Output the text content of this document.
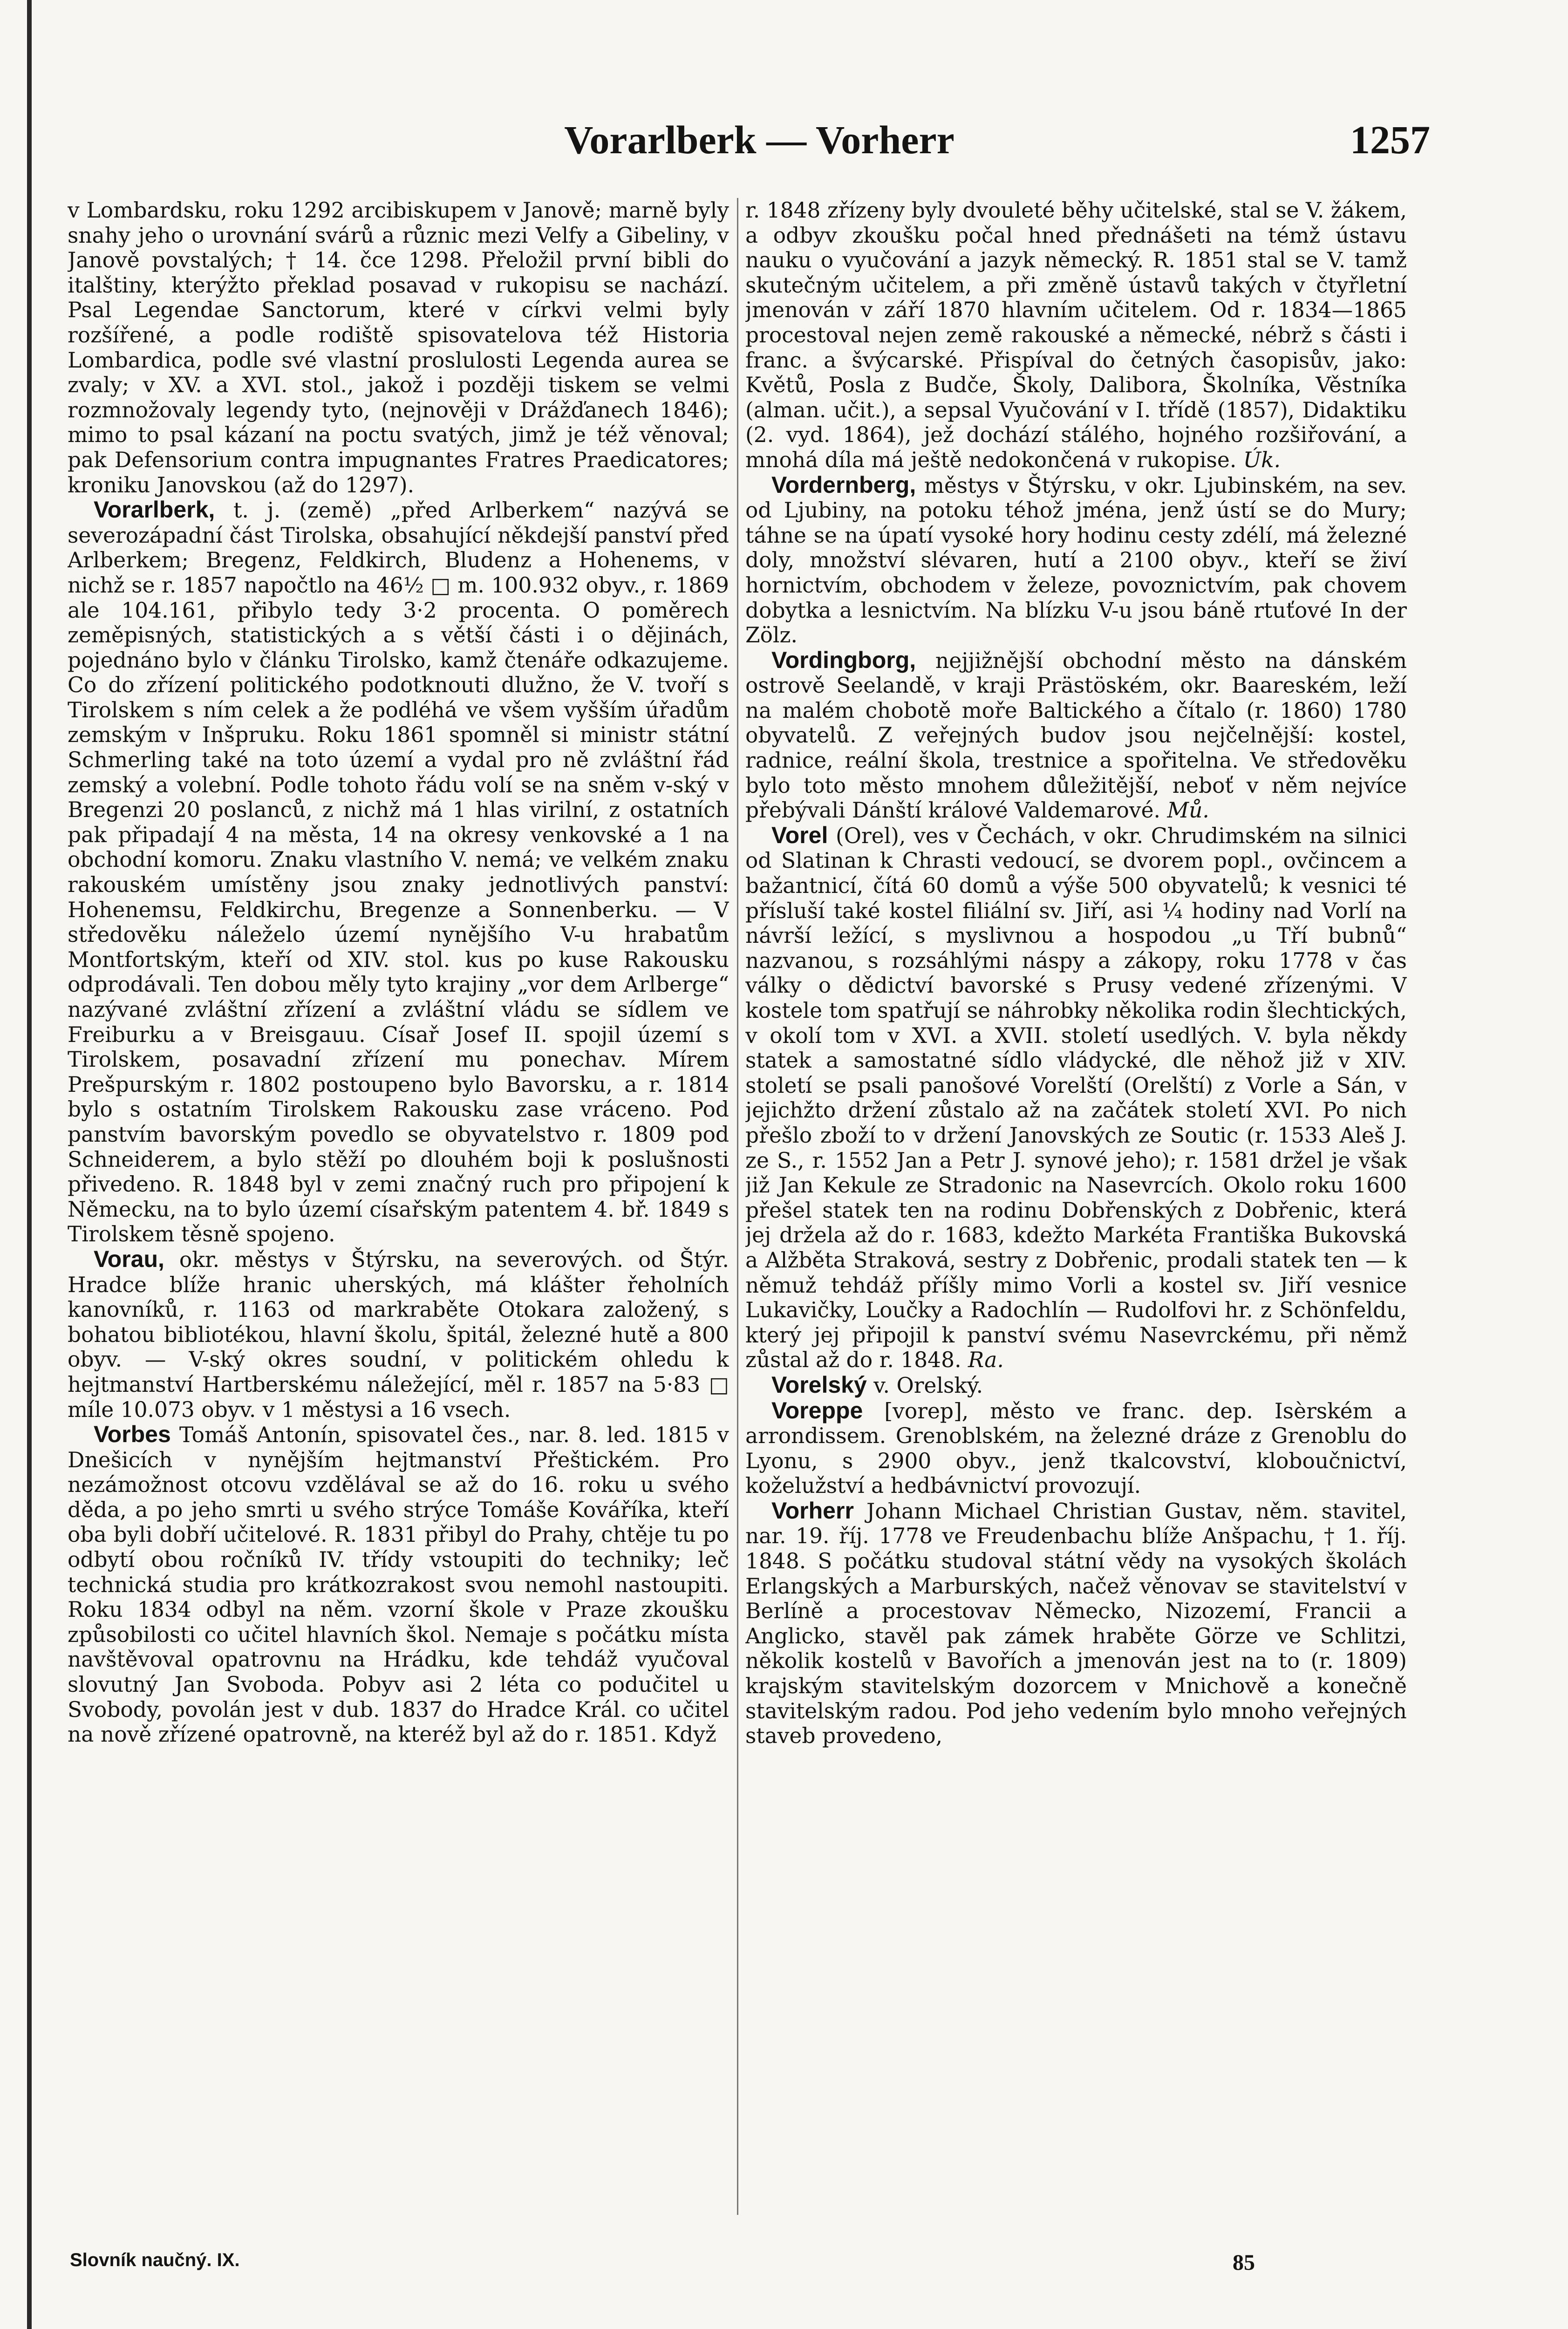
Vorarlberk — Vorherr	1257

v Lombardsku, roku 1292 arcibiskupem v Janově; marně byly snahy jeho o urovnání svárů a různic mezi Velfy a Gibeliny, v Janově povstalých; † 14. čce 1298. Přeložil první bibli do italštiny, kterýžto překlad posavad v rukopisu se nachází. Psal Legendae Sanctorum, které v církvi velmi byly rozšířené, a podle rodiště spisovatelova též Historia Lombardica, podle své vlastní proslulosti Legenda aurea se zvaly; v XV. a XVI. stol., jakož i později tiskem se velmi rozmnožovaly legendy tyto, (nejnověji v Drážďanech 1846); mimo to psal kázaní na poctu svatých, jimž je též věnoval; pak Defensorium contra impugnantes Fratres Praedicatores; kroniku Janovskou (až do 1297).

Vorarlberk, t. j. (země) „před Arlberkem“ nazývá se severozápadní část Tirolska, obsahující někdejší panství před Arlberkem; Bregenz, Feldkirch, Bludenz a Hohenems, v nichž se r. 1857 napočtlo na 46½ □ m. 100.932 obyv., r. 1869 ale 104.161, přibylo tedy 3·2 procenta. O poměrech zeměpisných, statistických a s větší části i o dějinách, pojednáno bylo v článku Tirolsko, kamž čtenáře odkazujeme. Co do zřízení politického podotknouti dlužno, že V. tvoří s Tirolskem s ním celek a že podléhá ve všem vyšším úřadům zemským v Inšpruku. Roku 1861 spomněl si ministr státní Schmerling také na toto území a vydal pro ně zvláštní řád zemský a volební. Podle tohoto řádu volí se na sněm v-ský v Bregenzi 20 poslanců, z nichž má 1 hlas virilní, z ostatních pak připadají 4 na města, 14 na okresy venkovské a 1 na obchodní komoru. Znaku vlastního V. nemá; ve velkém znaku rakouském umístěny jsou znaky jednotlivých panství: Hohenemsu, Feldkirchu, Bregenze a Sonnenberku. — V středověku náleželo území nynějšího V-u hrabatům Montfortským, kteří od XIV. stol. kus po kuse Rakousku odprodávali. Ten dobou měly tyto krajiny „vor dem Arlberge“ nazývané zvláštní zřízení a zvláštní vládu se sídlem ve Freiburku a v Breisgauu. Císař Josef II. spojil území s Tirolskem, posavadní zřízení mu ponechav. Mírem Prešpurským r. 1802 postoupeno bylo Bavorsku, a r. 1814 bylo s ostatním Tirolskem Rakousku zase vráceno. Pod panstvím bavorským povedlo se obyvatelstvo r. 1809 pod Schneiderem, a bylo stěží po dlouhém boji k poslušnosti přivedeno. R. 1848 byl v zemi značný ruch pro připojení k Německu, na to bylo území císařským patentem 4. bř. 1849 s Tirolskem těsně spojeno.

Vorau, okr. městys v Štýrsku, na severových. od Štýr. Hradce blíže hranic uherských, má klášter řeholních kanovníků, r. 1163 od markraběte Otokara založený, s bohatou bibliotékou, hlavní školu, špitál, železné hutě a 800 obyv. — V-ský okres soudní, v politickém ohledu k hejtmanství Hartberskému náležející, měl r. 1857 na 5·83 □ míle 10.073 obyv. v 1 městysi a 16 vsech.

Vorbes Tomáš Antonín, spisovatel čes., nar. 8. led. 1815 v Dnešicích v nynějším hejtmanství Přeštickém. Pro nezámožnost otcovu vzdělával se až do 16. roku u svého děda, a po jeho smrti u svého strýce Tomáše Kováříka, kteří oba byli dobří učitelové. R. 1831 přibyl do Prahy, chtěje tu po odbytí obou ročníků IV. třídy vstoupiti do techniky; leč technická studia pro krátkozrakost svou nemohl nastoupiti. Roku 1834 odbyl na něm. vzorní škole v Praze zkoušku způsobilosti co učitel hlavních škol. Nemaje s počátku místa navštěvoval opatrovnu na Hrádku, kde tehdáž vyučoval slovutný Jan Svoboda. Pobyv asi 2 léta co podučitel u Svobody, povolán jest v dub. 1837 do Hradce Král. co učitel na nově zřízené opatrovně, na kteréž byl až do r. 1851. Když

r. 1848 zřízeny byly dvouleté běhy učitelské, stal se V. žákem, a odbyv zkoušku počal hned přednášeti na témž ústavu nauku o vyučování a jazyk německý. R. 1851 stal se V. tamž skutečným učitelem, a při změně ústavů takých v čtyřletní jmenován v září 1870 hlavním učitelem. Od r. 1834—1865 procestoval nejen země rakouské a německé, nébrž s části i franc. a švýcarské. Přispíval do četných časopisův, jako: Květů, Posla z Budče, Školy, Dalibora, Školníka, Věstníka (alman. učit.), a sepsal Vyučování v I. třídě (1857), Didaktiku (2. vyd. 1864), jež dochází stálého, hojného rozšiřování, a mnohá díla má ještě nedokončená v rukopise. Úk.

Vordernberg, městys v Štýrsku, v okr. Ljubinském, na sev. od Ljubiny, na potoku téhož jména, jenž ústí se do Mury; táhne se na úpatí vysoké hory hodinu cesty zdélí, má železné doly, množství slévaren, hutí a 2100 obyv., kteří se živí hornictvím, obchodem v železe, povoznictvím, pak chovem dobytka a lesnictvím. Na blízku V-u jsou báně rtuťové In der Zölz.

Vordingborg, nejjižnější obchodní město na dánském ostrově Seelandě, v kraji Prästöském, okr. Baareském, leží na malém chobotě moře Baltického a čítalo (r. 1860) 1780 obyvatelů. Z veřejných budov jsou nejčelnější: kostel, radnice, reální škola, trestnice a spořitelna. Ve středověku bylo toto město mnohem důležitější, neboť v něm nejvíce přebývali Dánští králové Valdemarové. Mů.

Vorel (Orel), ves v Čechách, v okr. Chrudimském na silnici od Slatinan k Chrasti vedoucí, se dvorem popl., ovčincem a bažantnicí, čítá 60 domů a výše 500 obyvatelů; k vesnici té přísluší také kostel filiální sv. Jiří, asi ¼ hodiny nad Vorlí na návrší ležící, s myslivnou a hospodou „u Tří bubnů“ nazvanou, s rozsáhlými náspy a zákopy, roku 1778 v čas války o dědictví bavorské s Prusy vedené zřízenými. V kostele tom spatřují se náhrobky několika rodin šlechtických, v okolí tom v XVI. a XVII. století usedlých. V. byla někdy statek a samostatné sídlo vládycké, dle něhož již v XIV. století se psali panošové Vorelští (Orelští) z Vorle a Sán, v jejichžto držení zůstalo až na začátek století XVI. Po nich přešlo zboží to v držení Janovských ze Soutic (r. 1533 Aleš J. ze S., r. 1552 Jan a Petr J. synové jeho); r. 1581 držel je však již Jan Kekule ze Stradonic na Nasevrcích. Okolo roku 1600 přešel statek ten na rodinu Dobřenských z Dobřenic, která jej držela až do r. 1683, kdežto Markéta Františka Bukovská a Alžběta Straková, sestry z Dobřenic, prodali statek ten — k němuž tehdáž příšly mimo Vorli a kostel sv. Jiří vesnice Lukavičky, Loučky a Radochlín — Rudolfovi hr. z Schönfeldu, který jej připojil k panství svému Nasevrckému, při němž zůstal až do r. 1848. Ra.

Vorelský v. Orelský.

Voreppe [vorep], město ve franc. dep. Isèrském a arrondissem. Grenoblském, na železné dráze z Grenoblu do Lyonu, s 2900 obyv., jenž tkalcovství, kloboučnictví, koželužství a hedbávnictví provozují.

Vorherr Johann Michael Christian Gustav, něm. stavitel, nar. 19. říj. 1778 ve Freudenbachu blíže Anšpachu, † 1. říj. 1848. S počátku studoval státní vědy na vysokých školách Erlangských a Marburských, načež věnovav se stavitelství v Berlíně a procestovav Německo, Nizozemí, Francii a Anglicko, stavěl pak zámek hraběte Görze ve Schlitzi, několik kostelů v Bavořích a jmenován jest na to (r. 1809) krajským stavitelským dozorcem v Mnichově a konečně stavitelským radou. Pod jeho vedením bylo mnoho veřejných staveb provedeno,

Slovník naučný. IX.	85
